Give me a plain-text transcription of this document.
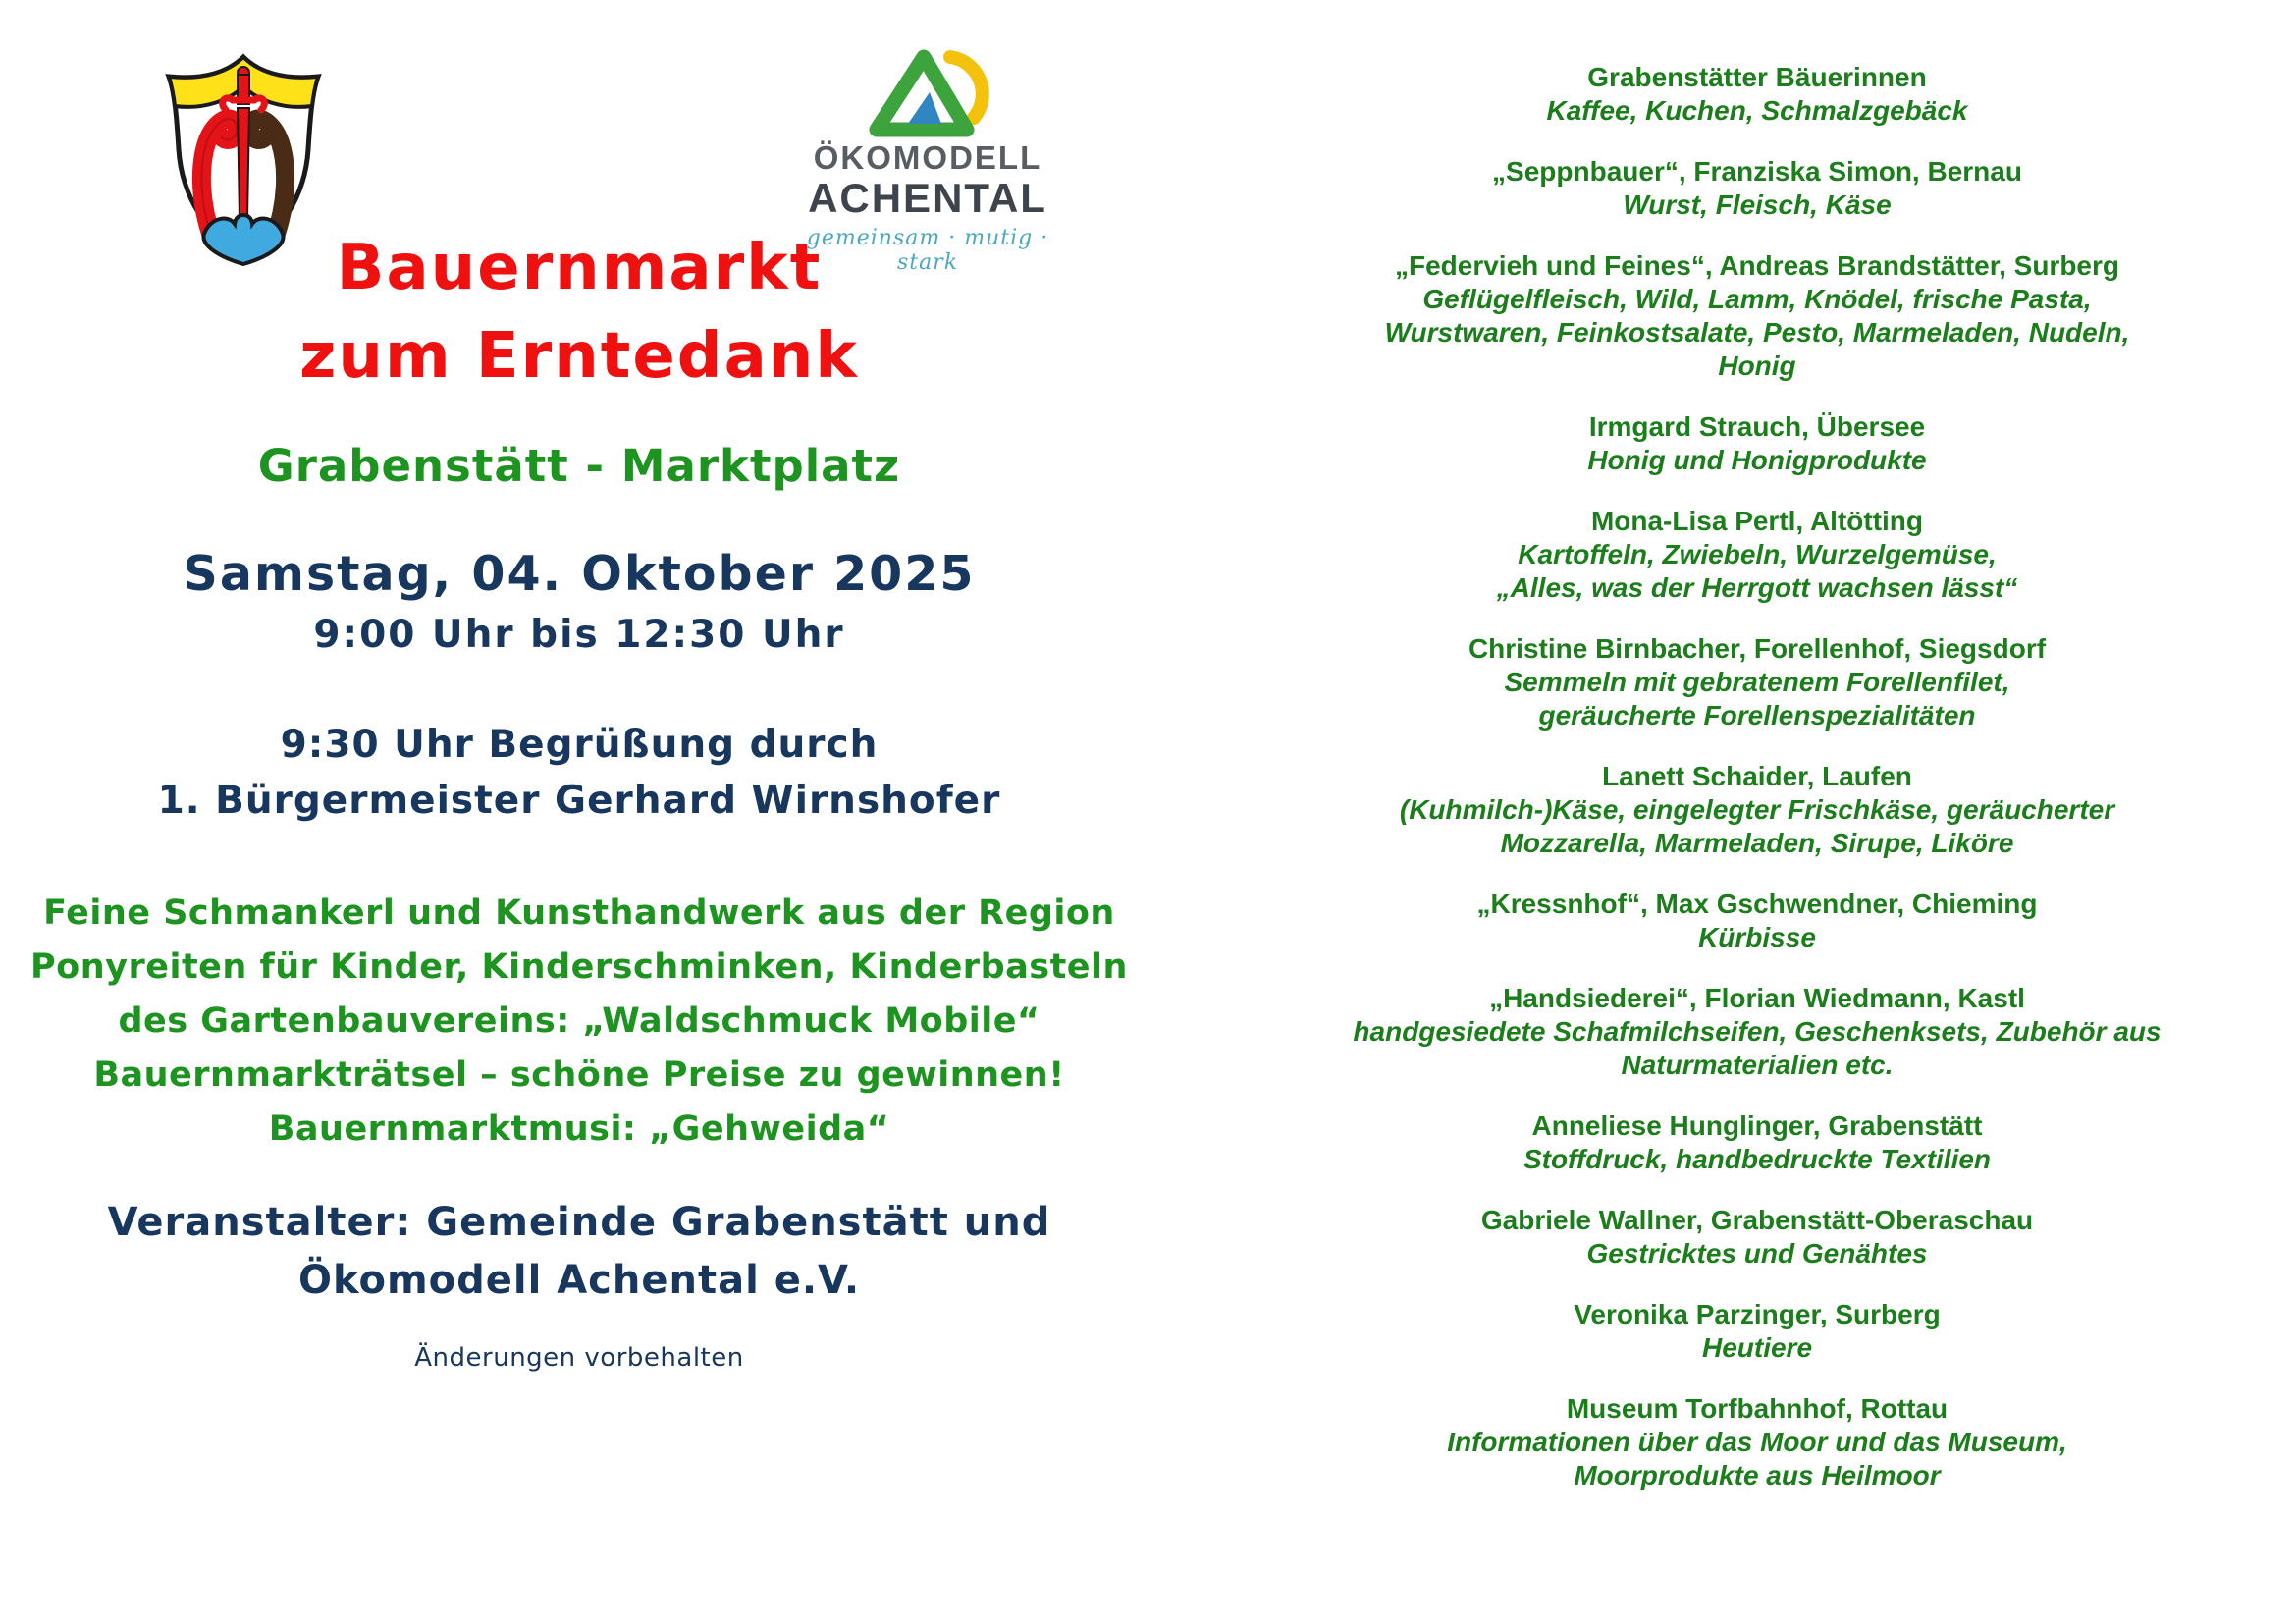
ÖKOMODELL
ACHENTAL
gemeinsam · mutig · stark
Bauernmarkt
zum Erntedank
Grabenstätt - Marktplatz
Samstag, 04. Oktober 2025
9:00 Uhr bis 12:30 Uhr
9:30 Uhr Begrüßung durch
1. Bürgermeister Gerhard Wirnshofer
Feine Schmankerl und Kunsthandwerk aus der Region
Ponyreiten für Kinder, Kinderschminken, Kinderbasteln
des Gartenbauvereins: „Waldschmuck Mobile“
Bauernmarkträtsel – schöne Preise zu gewinnen!
Bauernmarktmusi: „Gehweida“
Veranstalter: Gemeinde Grabenstätt und
Ökomodell Achental e.V.
Änderungen vorbehalten
Grabenstätter Bäuerinnen
Kaffee, Kuchen, Schmalzgebäck
„Seppnbauer“, Franziska Simon, Bernau
Wurst, Fleisch, Käse
„Federvieh und Feines“, Andreas Brandstätter, Surberg
Geflügelfleisch, Wild, Lamm, Knödel, frische Pasta,
Wurstwaren, Feinkostsalate, Pesto, Marmeladen, Nudeln,
Honig
Irmgard Strauch, Übersee
Honig und Honigprodukte
Mona-Lisa Pertl, Altötting
Kartoffeln, Zwiebeln, Wurzelgemüse,
„Alles, was der Herrgott wachsen lässt“
Christine Birnbacher, Forellenhof, Siegsdorf
Semmeln mit gebratenem Forellenfilet,
geräucherte Forellenspezialitäten
Lanett Schaider, Laufen
(Kuhmilch-)Käse, eingelegter Frischkäse, geräucherter
Mozzarella, Marmeladen, Sirupe, Liköre
„Kressnhof“, Max Gschwendner, Chieming
Kürbisse
„Handsiederei“, Florian Wiedmann, Kastl
handgesiedete Schafmilchseifen, Geschenksets, Zubehör aus
Naturmaterialien etc.
Anneliese Hunglinger, Grabenstätt
Stoffdruck, handbedruckte Textilien
Gabriele Wallner, Grabenstätt-Oberaschau
Gestricktes und Genähtes
Veronika Parzinger, Surberg
Heutiere
Museum Torfbahnhof, Rottau
Informationen über das Moor und das Museum,
Moorprodukte aus Heilmoor
